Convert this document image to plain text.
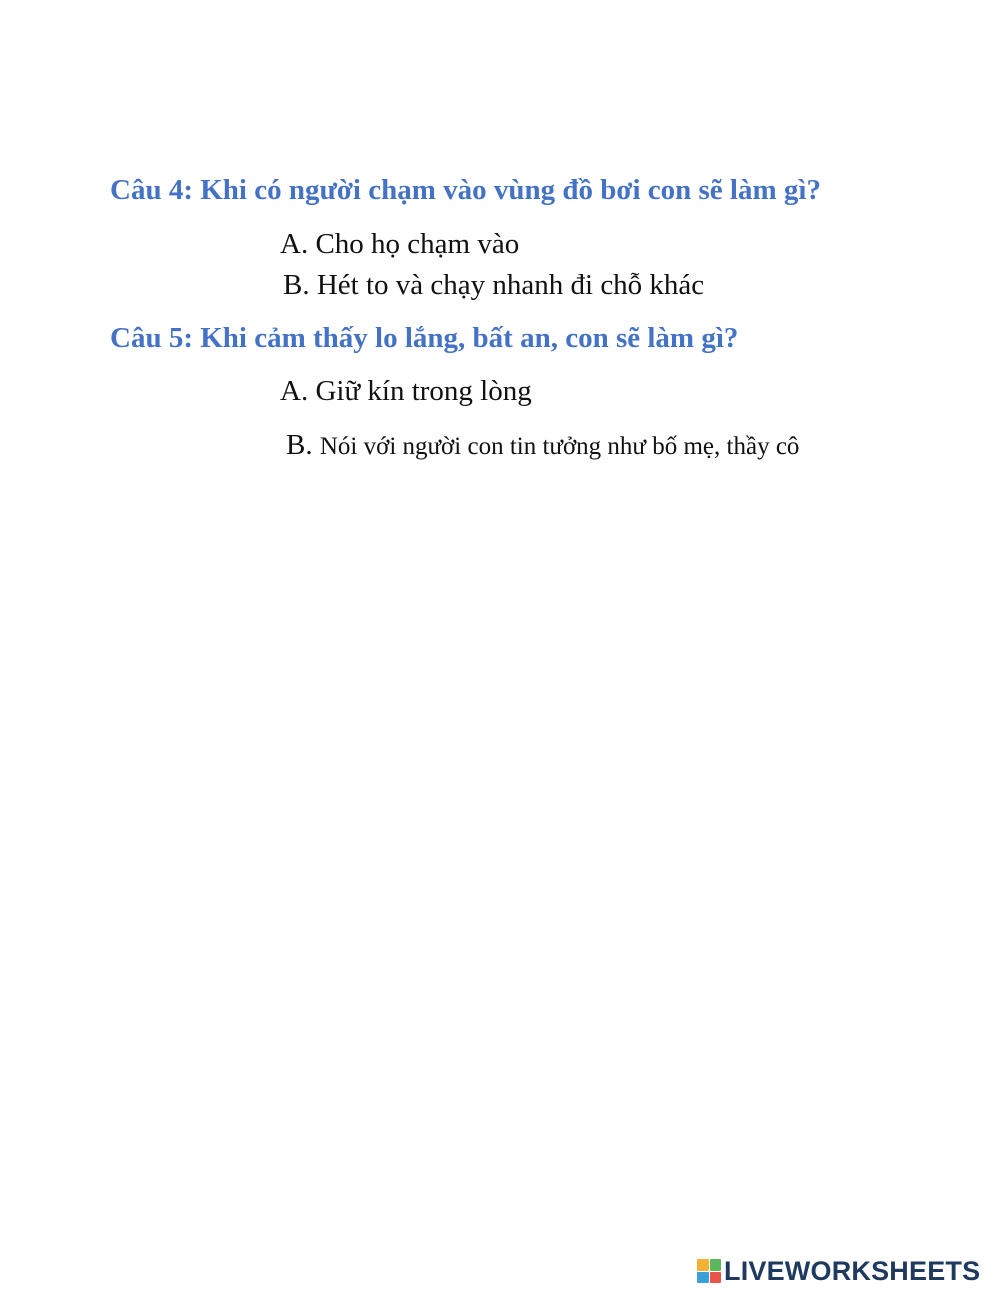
Câu 4: Khi có người chạm vào vùng đồ bơi con sẽ làm gì?
A. Cho họ chạm vào
B. Hét to và chạy nhanh đi chỗ khác
Câu 5: Khi cảm thấy lo lắng, bất an, con sẽ làm gì?
A. Giữ kín trong lòng
B. Nói với người con tin tưởng như bố mẹ, thầy cô
LIVEWORKSHEETS
